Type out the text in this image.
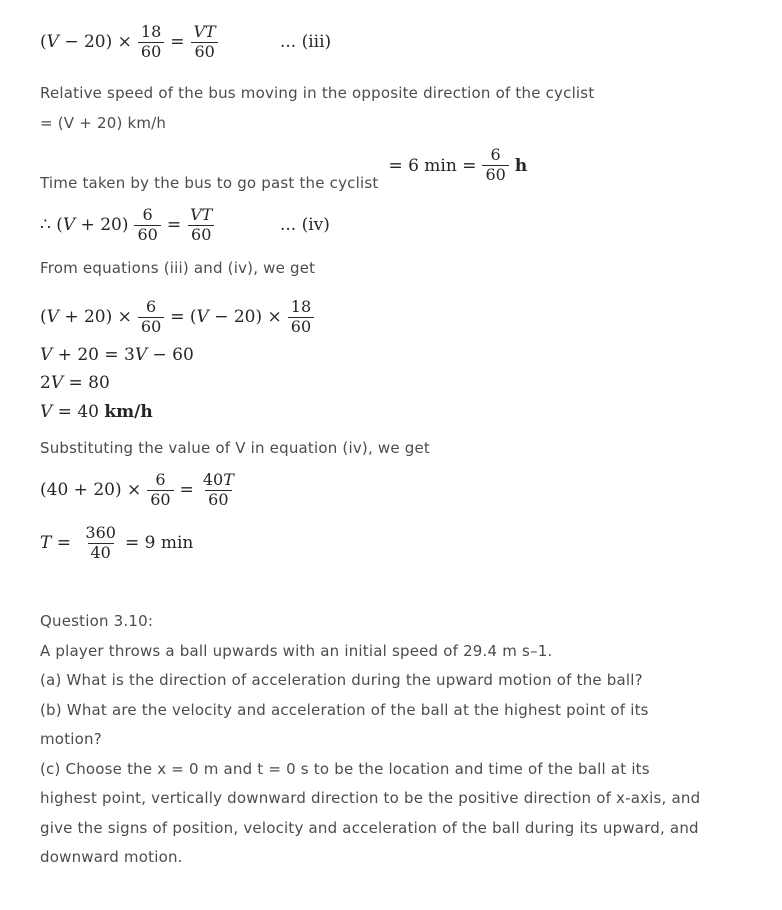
( $V - 20) \times \frac{18}{60} = \frac{VT}{60}$	... (iii)
Relative speed of the bus moving in the opposite direction of the cyclist
= (V + 20) km/h
Time taken by the bus to go past the cyclist
= 6 $\min = \frac{6}{60}$ h
∴ ( $V + 20) \frac{6}{60} = \frac{VT}{60}$	... (iv)
From equations (iii) and (iv), we get
( $V + 20) \times \frac{6}{60}$ = ( $V - 20) \times \frac{18}{60}$
V + 20 = 3V − 60
2V = 80
V = 40 km/h
Substituting the value of V in equation (iv), we get
$(40 + 20) \times \frac{6}{60} = \frac{40 T}{60}$
$T = \frac{360}{40} = 9$ min
Question 3.10:
A player throws a ball upwards with an initial speed of 29.4 m s–1.
(a) What is the direction of acceleration during the upward motion of the ball?
(b) What are the velocity and acceleration of the ball at the highest point of its
motion?
(c) Choose the x = 0 m and t = 0 s to be the location and time of the ball at its
highest point, vertically downward direction to be the positive direction of x-axis, and
give the signs of position, velocity and acceleration of the ball during its upward, and
downward motion.
